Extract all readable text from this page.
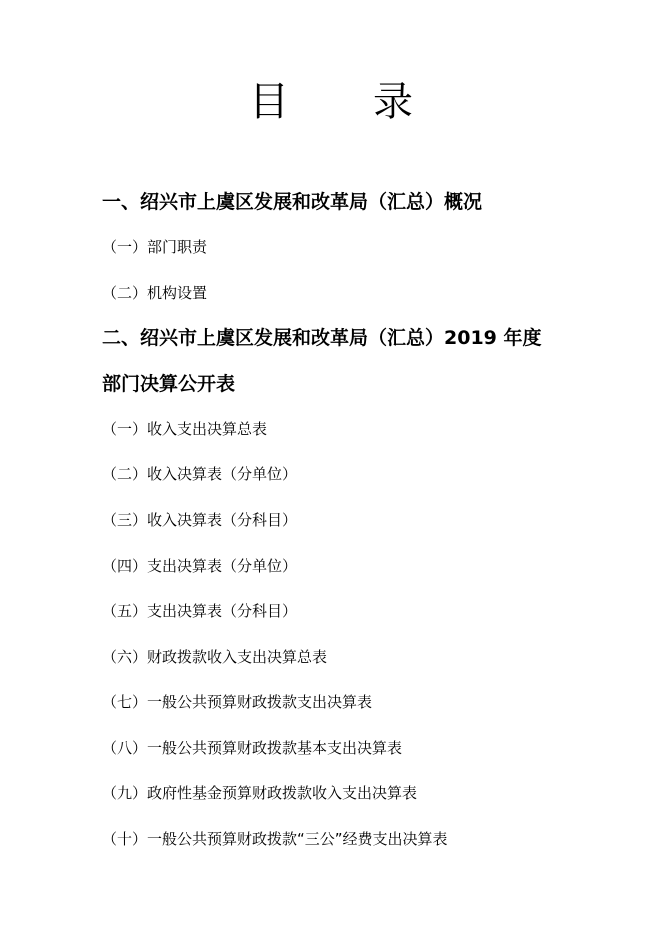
目 录
一、绍兴市上虞区发展和改革局（汇总）概况
（一）部门职责
（二）机构设置
二、绍兴市上虞区发展和改革局（汇总）2019 年度
部门决算公开表
（一）收入支出决算总表
（二）收入决算表（分单位）
（三）收入决算表（分科目）
（四）支出决算表（分单位）
（五）支出决算表（分科目）
（六）财政拨款收入支出决算总表
（七）一般公共预算财政拨款支出决算表
（八）一般公共预算财政拨款基本支出决算表
（九）政府性基金预算财政拨款收入支出决算表
（十）一般公共预算财政拨款“三公”经费支出决算表
